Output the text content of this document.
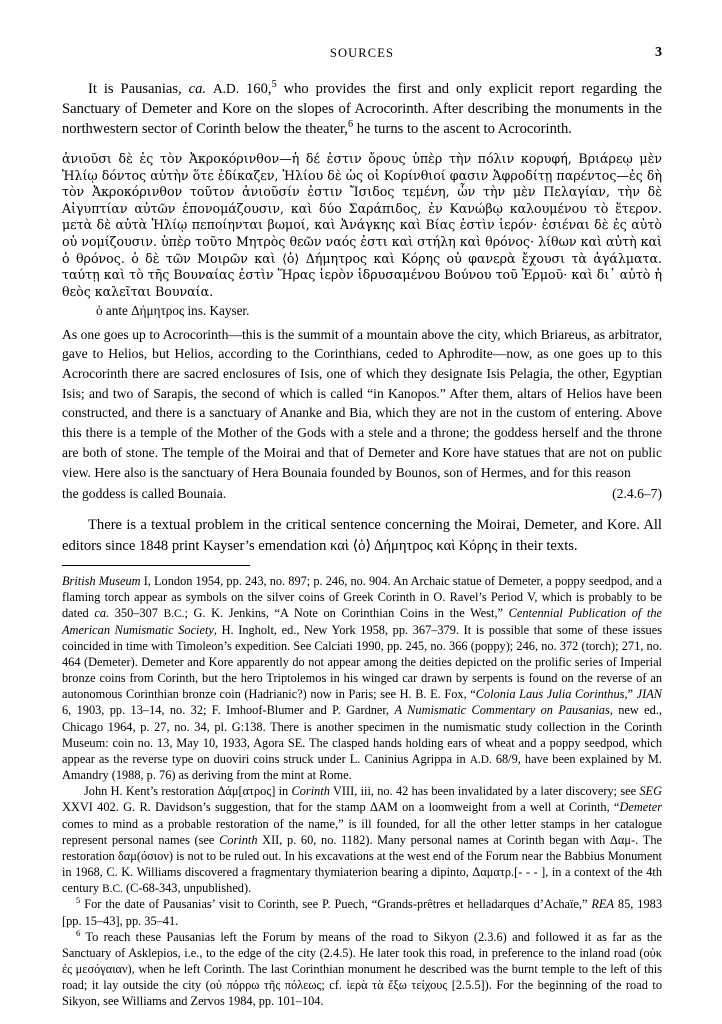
SOURCES	3

It is Pausanias, ca. A.D. 160,$^5$ who provides the first and only explicit report regarding the Sanctuary of Demeter and Kore on the slopes of Acrocorinth. After describing the monuments in the northwestern sector of Corinth below the theater,$^6$ he turns to the ascent to Acrocorinth.

ἀνιοῦσι δὲ ἐς τὸν Ἀκροκόρινθον—ἡ δέ ἐστιν ὄρους ὑπὲρ τὴν πόλιν κορυφή, Βριάρεῳ μὲν Ἡλίῳ δόντος αὐτὴν ὅτε ἐδίκαζεν, Ἡλίου δὲ ὡς οἱ Κορίνθιοί φασιν Ἀφροδίτῃ παρέντος—ἐς δὴ τὸν Ἀκροκόρινθον τοῦτον ἀνιοῦσίν ἐστιν Ἴσιδος τεμένη, ὧν τὴν μὲν Πελαγίαν, τὴν δὲ Αἰγυπτίαν αὐτῶν ἐπονομάζουσιν, καὶ δύο Σαράπιδος, ἐν Κανώβῳ καλουμένου τὸ ἕτερον. μετὰ δὲ αὐτὰ Ἡλίῳ πεποίηνται βωμοί, καὶ Ἀνάγκης καὶ Βίας ἐστὶν ἱερόν· ἐσιέναι δὲ ἐς αὐτὸ οὐ νομίζουσιν. ὑπὲρ τοῦτο Μητρὸς θεῶν ναός ἐστι καὶ στήλη καὶ θρόνος· λίθων καὶ αὐτὴ καὶ ὁ θρόνος. ὁ δὲ τῶν Μοιρῶν καὶ ⟨ὁ⟩ Δήμητρος καὶ Κόρης οὐ φανερὰ ἔχουσι τὰ ἀγάλματα. ταύτῃ καὶ τὸ τῆς Βουναίας ἐστὶν Ἥρας ἱερὸν ἱδρυσαμένου Βούνου τοῦ Ἑρμοῦ· καὶ δι᾿ αὐτὸ ἡ θεὸς καλεῖται Βουναία.

ὁ ante Δήμητρος ins. Kayser.

As one goes up to Acrocorinth—this is the summit of a mountain above the city, which Briareus, as arbitrator, gave to Helios, but Helios, according to the Corinthians, ceded to Aphrodite—now, as one goes up to this Acrocorinth there are sacred enclosures of Isis, one of which they designate Isis Pelagia, the other, Egyptian Isis; and two of Sarapis, the second of which is called “in Kanopos.” After them, altars of Helios have been constructed, and there is a sanctuary of Ananke and Bia, which they are not in the custom of entering. Above this there is a temple of the Mother of the Gods with a stele and a throne; the goddess herself and the throne are both of stone. The temple of the Moirai and that of Demeter and Kore have statues that are not on public view. Here also is the sanctuary of Hera Bounaia founded by Bounos, son of Hermes, and for this reason

the goddess is called Bounaia.	(2.4.6–7)

There is a textual problem in the critical sentence concerning the Moirai, Demeter, and Kore. All editors since 1848 print Kayser’s emendation καὶ ⟨ὁ⟩ Δήμητρος καὶ Κόρης in their texts.

British Museum I, London 1954, pp. 243, no. 897; p. 246, no. 904. An Archaic statue of Demeter, a poppy seedpod, and a flaming torch appear as symbols on the silver coins of Greek Corinth in O. Ravel’s Period V, which is probably to be dated ca. 350–307 B.C.; G. K. Jenkins, “A Note on Corinthian Coins in the West,” Centennial Publication of the American Numismatic Society, H. Ingholt, ed., New York 1958, pp. 367–379. It is possible that some of these issues coincided in time with Timoleon’s expedition. See Calciati 1990, pp. 245, no. 366 (poppy); 246, no. 372 (torch); 271, no. 464 (Demeter). Demeter and Kore apparently do not appear among the deities depicted on the prolific series of Imperial bronze coins from Corinth, but the hero Triptolemos in his winged car drawn by serpents is found on the reverse of an autonomous Corinthian bronze coin (Hadrianic?) now in Paris; see H. B. E. Fox, “Colonia Laus Julia Corinthus,” JIAN 6, 1903, pp. 13–14, no. 32; F. Imhoof-Blumer and P. Gardner, A Numismatic Commentary on Pausanias, new ed., Chicago 1964, p. 27, no. 34, pl. G:138. There is another specimen in the numismatic study collection in the Corinth Museum: coin no. 13, May 10, 1933, Agora SE. The clasped hands holding ears of wheat and a poppy seedpod, which appear as the reverse type on duoviri coins struck under L. Caninius Agrippa in A.D. 68/9, have been explained by M. Amandry (1988, p. 76) as deriving from the mint at Rome.

John H. Kent’s restoration Δάμ[ατρος] in Corinth VIII, iii, no. 42 has been invalidated by a later discovery; see SEG XXVI 402. G. R. Davidson’s suggestion, that for the stamp ΔAM on a loomweight from a well at Corinth, “Demeter comes to mind as a probable restoration of the name,” is ill founded, for all the other letter stamps in her catalogue represent personal names (see Corinth XII, p. 60, no. 1182). Many personal names at Corinth began with Δαμ-. The restoration δαμ(όσιον) is not to be ruled out. In his excavations at the west end of the Forum near the Babbius Monument in 1968, C. K. Williams discovered a fragmentary thymiaterion bearing a dipinto, Δαματρ.[- - - ], in a context of the 4th century B.C. (C-68-343, unpublished).

$^5$ For the date of Pausanias’ visit to Corinth, see P. Puech, “Grands-prêtres et helladarques d’Achaïe,” REA 85, 1983 [pp. 15–43], pp. 35–41.

$^6$ To reach these Pausanias left the Forum by means of the road to Sikyon (2.3.6) and followed it as far as the Sanctuary of Asklepios, i.e., to the edge of the city (2.4.5). He later took this road, in preference to the inland road (οὐκ ἐς μεσόγαιαν), when he left Corinth. The last Corinthian monument he described was the burnt temple to the left of this road; it lay outside the city (οὐ πόρρω τῆς πόλεως; cf. ἱερὰ τὰ ἔξω τείχους [2.5.5]). For the beginning of the road to Sikyon, see Williams and Zervos 1984, pp. 101–104.
